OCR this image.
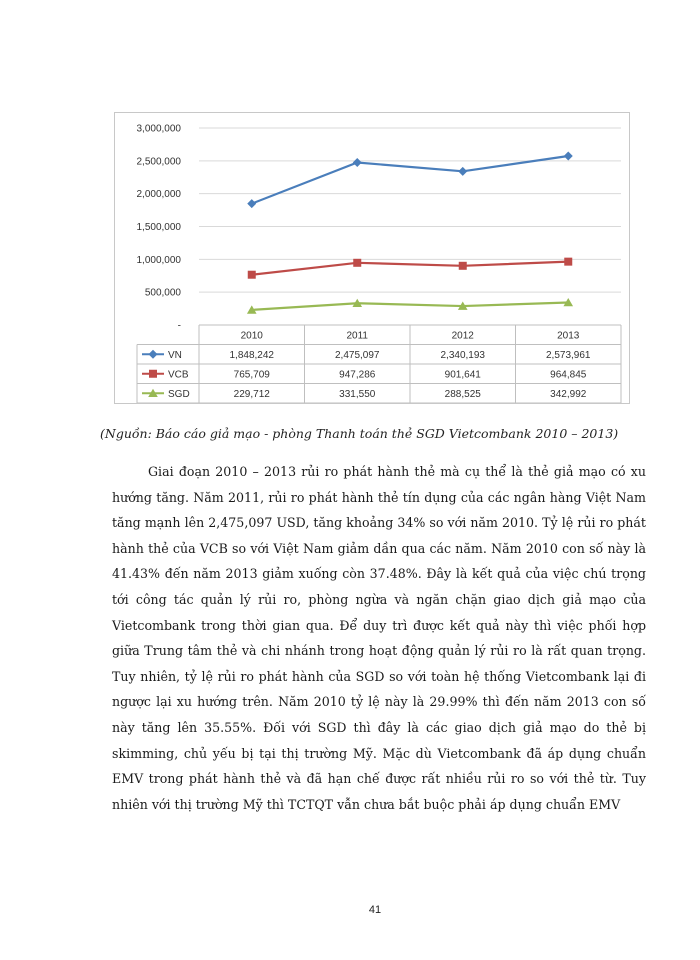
-
500,000
1,000,000
1,500,000
2,000,000
2,500,000
3,000,000
2010	2011	2012	2013
VN	1,848,242	2,475,097	2,340,193	2,573,961
VCB	765,709	947,286	901,641	964,845
SGD	229,712	331,550	288,525	342,992
(Nguồn: Báo cáo giả mạo - phòng Thanh toán thẻ SGD Vietcombank 2010 – 2013)

Giai đoạn 2010 – 2013 rủi ro phát hành thẻ mà cụ thể là thẻ giả mạo có xu hướng tăng. Năm 2011, rủi ro phát hành thẻ tín dụng của các ngân hàng Việt Nam tăng mạnh lên 2,475,097 USD, tăng khoảng 34% so với năm 2010. Tỷ lệ rủi ro phát hành thẻ của VCB so với Việt Nam giảm dần qua các năm. Năm 2010 con số này là 41.43% đến năm 2013 giảm xuống còn 37.48%. Đây là kết quả của việc chú trọng tới công tác quản lý rủi ro, phòng ngừa và ngăn chặn giao dịch giả mạo của Vietcombank trong thời gian qua. Để duy trì được kết quả này thì việc phối hợp giữa Trung tâm thẻ và chi nhánh trong hoạt động quản lý rủi ro là rất quan trọng. Tuy nhiên, tỷ lệ rủi ro phát hành của SGD so với toàn hệ thống Vietcombank lại đi ngược lại xu hướng trên. Năm 2010 tỷ lệ này là 29.99% thì đến năm 2013 con số này tăng lên 35.55%. Đối với SGD thì đây là các giao dịch giả mạo do thẻ bị skimming, chủ yếu bị tại thị trường Mỹ. Mặc dù Vietcombank đã áp dụng chuẩn EMV trong phát hành thẻ và đã hạn chế được rất nhiều rủi ro so với thẻ từ. Tuy nhiên với thị trường Mỹ thì TCTQT vẫn chưa bắt buộc phải áp dụng chuẩn EMV

41
